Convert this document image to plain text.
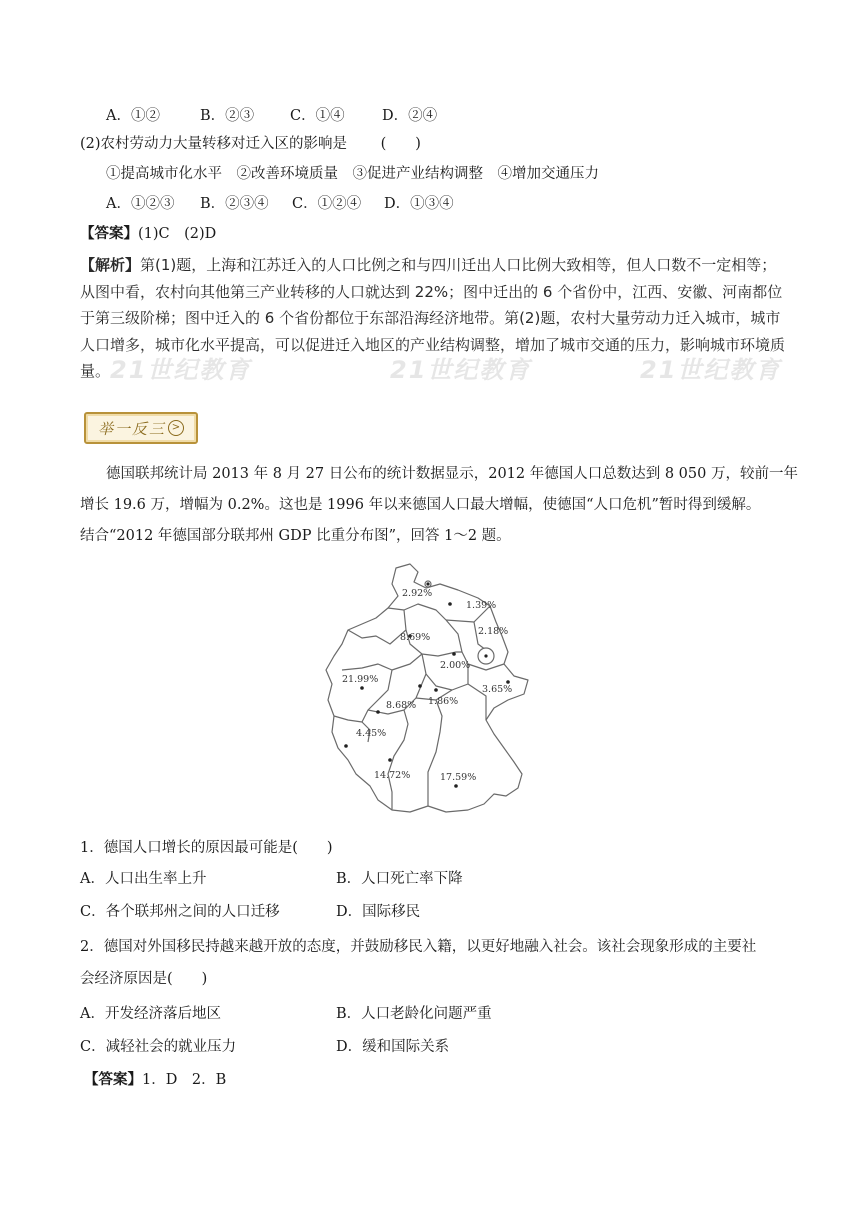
A．①②	B．②③ C．①④	D．②④
(2)农村劳动力大量转移对迁入区的影响是　　 (　　)
①提高城市化水平　②改善环境质量　③促进产业结构调整　④增加交通压力
A．①②③ B．②③④ C．①②④ D．①③④
【答案】(1)C　(2)D
21世纪教育	21世纪教育	21世纪教育
【解析】第(1)题，上海和江苏迁入的人口比例之和与四川迁出人口比例大致相等，但人口数不一定相等；从图中看，农村向其他第三产业转移的人口就达到 22%；图中迁出的 6 个省份中，江西、安徽、河南都位于第三级阶梯；图中迁入的 6 个省份都位于东部沿海经济地带。第(2)题，农村大量劳动力迁入城市，城市人口增多，城市化水平提高，可以促进迁入地区的产业结构调整，增加了城市交通的压力，影响城市环境质量。
举一反三 >
德国联邦统计局 2013 年 8 月 27 日公布的统计数据显示，2012 年德国人口总数达到 8 050 万，较前一年
增长 19.6 万，增幅为 0.2%。这也是 1996 年以来德国人口最大增幅，使德国“人口危机”暂时得到缓解。
结合“2012 年德国部分联邦州 GDP 比重分布图”，回答 1～2 题。
2.92%
1.39%
2.18%
8.69%
2.00%
21.99%
3.65%
8.68% 1.86%
4.45%
14.72%	17.59%
1．德国人口增长的原因最可能是(　　)
A．人口出生率上升	B．人口死亡率下降
C．各个联邦州之间的人口迁移	D．国际移民
2．德国对外国移民持越来越开放的态度，并鼓励移民入籍，以更好地融入社会。该社会现象形成的主要社
会经济原因是(　　)
A．开发经济落后地区	B．人口老龄化问题严重
C．减轻社会的就业压力	D．缓和国际关系
【答案】1．D　2．B
